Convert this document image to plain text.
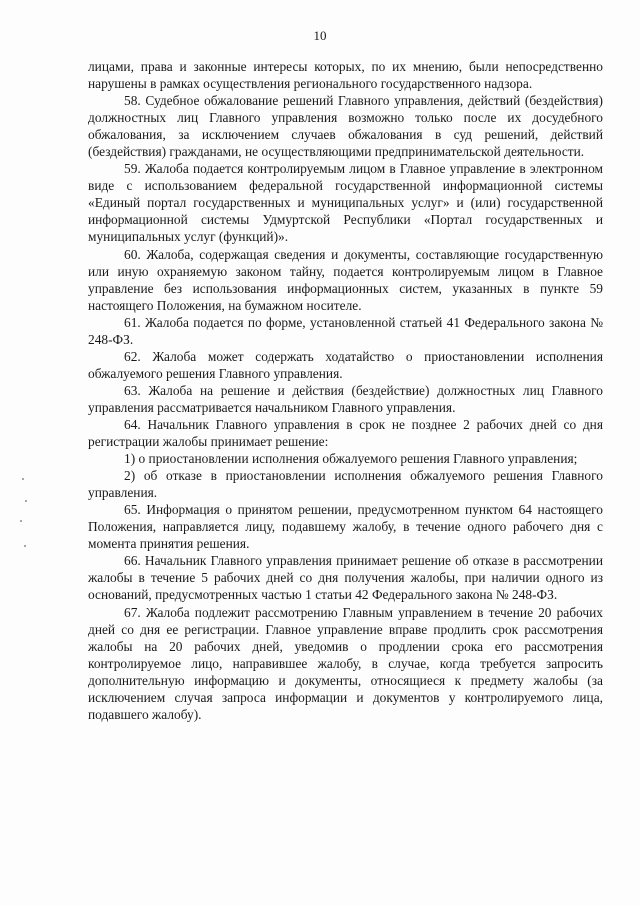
10

лицами, права и законные интересы которых, по их мнению, были непосредственно нарушены в рамках осуществления регионального государственного надзора.

58. Судебное обжалование решений Главного управления, действий (бездействия) должностных лиц Главного управления возможно только после их досудебного обжалования, за исключением случаев обжалования в суд решений, действий (бездействия) гражданами, не осуществляющими предпринимательской деятельности.

59. Жалоба подается контролируемым лицом в Главное управление в электронном виде с использованием федеральной государственной информационной системы «Единый портал государственных и муниципальных услуг» и (или) государственной информационной системы Удмуртской Республики «Портал государственных и муниципальных услуг (функций)».

60. Жалоба, содержащая сведения и документы, составляющие государственную или иную охраняемую законом тайну, подается контролируемым лицом в Главное управление без использования информационных систем, указанных в пункте 59 настоящего Положения, на бумажном носителе.

61. Жалоба подается по форме, установленной статьей 41 Федерального закона № 248-ФЗ.

62. Жалоба может содержать ходатайство о приостановлении исполнения обжалуемого решения Главного управления.

63. Жалоба на решение и действия (бездействие) должностных лиц Главного управления рассматривается начальником Главного управления.

64. Начальник Главного управления в срок не позднее 2 рабочих дней со дня регистрации жалобы принимает решение:

1) о приостановлении исполнения обжалуемого решения Главного управления;

2) об отказе в приостановлении исполнения обжалуемого решения Главного управления.

65. Информация о принятом решении, предусмотренном пунктом 64 настоящего Положения, направляется лицу, подавшему жалобу, в течение одного рабочего дня с момента принятия решения.

66. Начальник Главного управления принимает решение об отказе в рассмотрении жалобы в течение 5 рабочих дней со дня получения жалобы, при наличии одного из оснований, предусмотренных частью 1 статьи 42 Федерального закона № 248-ФЗ.

67. Жалоба подлежит рассмотрению Главным управлением в течение 20 рабочих дней со дня ее регистрации. Главное управление вправе продлить срок рассмотрения жалобы на 20 рабочих дней, уведомив о продлении срока его рассмотрения контролируемое лицо, направившее жалобу, в случае, когда требуется запросить дополнительную информацию и документы, относящиеся к предмету жалобы (за исключением случая запроса информации и документов у контролируемого лица, подавшего жалобу).
